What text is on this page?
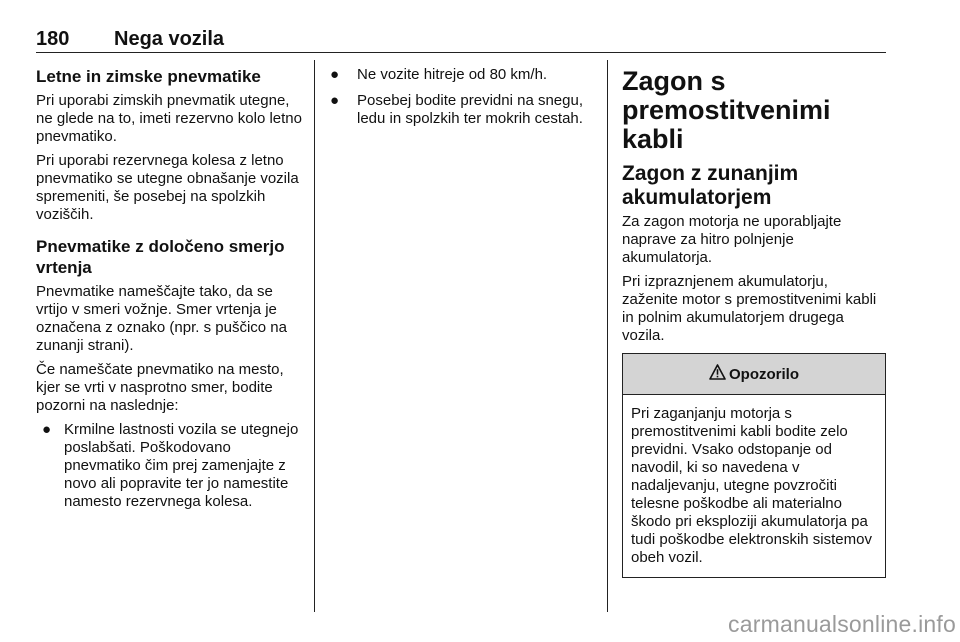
180 Nega vozila
Letne in zimske pnevmatike

Pri uporabi zimskih pnevmatik utegne, ne glede na to, imeti rezervno kolo letno pnevmatiko.

Pri uporabi rezervnega kolesa z letno pnevmatiko se utegne obnašanje vozila spremeniti, še posebej na spolzkih voziščih.

Pnevmatike z določeno smerjo vrtenja

Pnevmatike nameščajte tako, da se vrtijo v smeri vožnje. Smer vrtenja je označena z oznako (npr. s puščico na zunanji strani).

Če nameščate pnevmatiko na mesto, kjer se vrti v nasprotno smer, bodite pozorni na naslednje:

● Krmilne lastnosti vozila se utegnejo poslabšati. Poškodovano pnevmatiko čim prej zamenjajte z novo ali popravite ter jo namestite namesto rezervnega kolesa.
● Ne vozite hitreje od 80 km/h.
● Posebej bodite previdni na snegu, ledu in spolzkih ter mokrih cestah.
Zagon s premostitvenimi kabli
Zagon z zunanjim akumulatorjem

Za zagon motorja ne uporabljajte naprave za hitro polnjenje akumulatorja.

Pri izpraznjenem akumulatorju, zaženite motor s premostitvenimi kabli in polnim akumulatorjem drugega vozila.

Opozorilo
Pri zaganjanju motorja s premostitvenimi kabli bodite zelo previdni. Vsako odstopanje od navodil, ki so navedena v nadaljevanju, utegne povzročiti telesne poškodbe ali materialno škodo pri eksploziji akumulatorja pa tudi poškodbe elektronskih sistemov obeh vozil.
carmanualsonline.info
